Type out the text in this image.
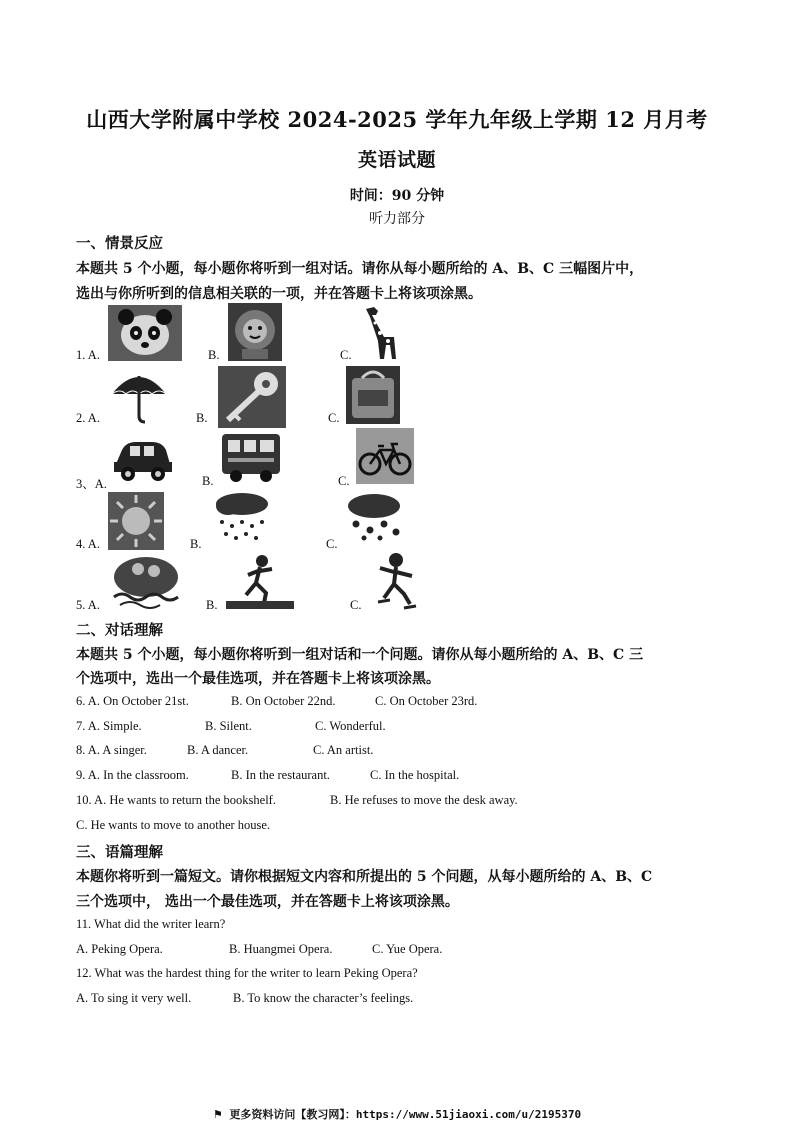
山西大学附属中学校 2024-2025 学年九年级上学期 12 月月考
英语试题
时间：90 分钟
听力部分
一、情景反应
本题共 5 个小题，每小题你将听到一组对话。请你从每小题所给的 A、B、C 三幅图片中，
选出与你所听到的信息相关联的一项，并在答题卡上将该项涂黑。
1. A.	B.	C.
2. A.	B.	C.
3、A.	B.	C.
4. A.	B.	C.
5. A.	B.	C.
二、对话理解
本题共 5 个小题，每小题你将听到一组对话和一个问题。请你从每小题所给的 A、B、C 三
个选项中，选出一个最佳选项，并在答题卡上将该项涂黑。
6. A. On October 21st.	B. On October 22nd.	C. On October 23rd.
7. A. Simple.	B. Silent.	C. Wonderful.
8. A. A singer.	B. A dancer.	C. An artist.
9. A. In the classroom.	B. In the restaurant.	C. In the hospital.
10. A. He wants to return the bookshelf.	B. He refuses to move the desk away.
C. He wants to move to another house.
三、语篇理解
本题你将听到一篇短文。请你根据短文内容和所提出的 5 个问题，从每小题所给的 A、B、C
三个选项中， 选出一个最佳选项，并在答题卡上将该项涂黑。
11. What did the writer learn?
A. Peking Opera.	B. Huangmei Opera.	C. Yue Opera.
12. What was the hardest thing for the writer to learn Peking Opera?
A. To sing it very well.	B. To know the character’s feelings.
⚑ 更多资料访问【教习网】：https://www.51jiaoxi.com/u/2195370
